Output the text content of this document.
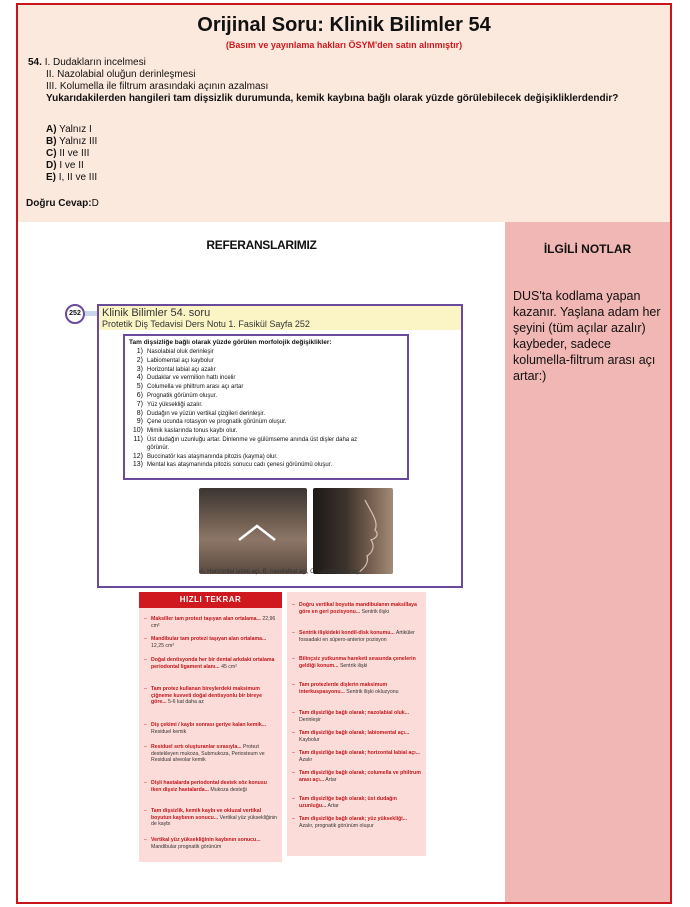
Orijinal Soru: Klinik Bilimler 54
(Basım ve yayınlama hakları ÖSYM'den satın alınmıştır)
54. I. Dudakların incelmesi
II. Nazolabial oluğun derinleşmesi
III. Kolumella ile filtrum arasındaki açının azalması
Yukarıdakilerden hangileri tam dişsizlik durumunda, kemik kaybına bağlı olarak yüzde görülebilecek değişikliklerdendir?
A) Yalnız I
B) Yalnız III
C) II ve III
D) I ve II
E) I, II ve III
Doğru Cevap:D
REFERANSLARIMIZ
252	Klinik Bilimler 54. soru
Protetik Diş Tedavisi Ders Notu 1. Fasikül Sayfa 252
Tam dişsizliğe bağlı olarak yüzde görülen morfolojik değişiklikler:
1) Nasolabial oluk derinleşir
2) Labiomental açı kaybolur
3) Horizontal labial açı azalır
4) Dudaklar ve vermilion hattı incelir
5) Columella ve philtrum arası açı artar
6) Prognatik görünüm oluşur.
7) Yüz yüksekliği azalır.
8) Dudağın ve yüzün vertikal çizgileri derinleşir.
9) Çene ucunda rotasyon ve prognatik görünüm oluşur.
10) Mimik kaslarında tonus kaybı olur.
11) Üst dudağın uzunluğu artar. Dinlenme ve gülümseme anında üst dişler daha az
görünür.
12) Buccinatör kas ataşmanında pitozis (kayma) olur.
13) Mental kas ataşmanında pitozis sonucu cadı çenesi görünümü oluşur.
A: Horizontal labial açı, B: nasolabial açı, C: Labiomental açı
HIZLI TEKRAR
– Maksiller tam protezi taşıyan alan ortalama... 22,96 cm²
– Mandibular tam protezi taşıyan alan ortalama... 12,25 cm²
– Doğal dentisyonda her bir dental arkdaki ortalama periodontal ligament alanı... 45 cm²
– Tam protez kullanan bireylerdeki maksimum çiğneme kuvveti doğal dentisyonlu bir bireye göre... 5-6 kat daha az
– Diş çekimi / kaybı sonrası geriye kalan kemik... Residuel kemik
– Residuel sırtı oluşturanlar sırasıyla... Protezi destekleyen mukoza, Submukoza, Periosteum ve Residual alveolar kemik
– Dişli hastalarda periodontal destek söz konusu iken dişsiz hastalarda... Mukoza desteği
– Tam dişsizlik, kemik kaybı ve okluzal vertikal boyutun kaybının sonucu... Vertikal yüz yüksekliğinin de kaybı
– Vertikal yüz yüksekliğinin kaybının sonucu... Mandibular prognatik görünüm
– Doğru vertikal boyutta mandibulanın maksillaya göre en geri pozisyonu... Sentrik ilişki
– Sentrik ilişkideki kondil-disk konumu... Artiküler fossadaki en süpero-anterior pozisyon
– Bilinçsiz yutkunma hareketi sırasında çenelerin geldiği konum... Sentrik ilişki
– Tam protezlerde dişlerin maksimum interkuspasyonu... Sentrik ilişki okluzyonu
– Tam dişsizliğe bağlı olarak; nazolabial oluk... Derinleşir
– Tam dişsizliğe bağlı olarak; labiomental açı... Kaybolur
– Tam dişsizliğe bağlı olarak; horizontal labial açı... Azalır
– Tam dişsizliğe bağlı olarak; columella ve philtrum arası açı... Artar
– Tam dişsizliğe bağlı olarak; üst dudağın uzunluğu... Artar
– Tam dişsizliğe bağlı olarak; yüz yüksekliği... Azalır, prognatik görünüm oluşur
İLGİLİ NOTLAR
DUS'ta kodlama yapan kazanır. Yaşlana adam her şeyini (tüm açılar azalır) kaybeder, sadece kolumella-filtrum arası açı artar:)
